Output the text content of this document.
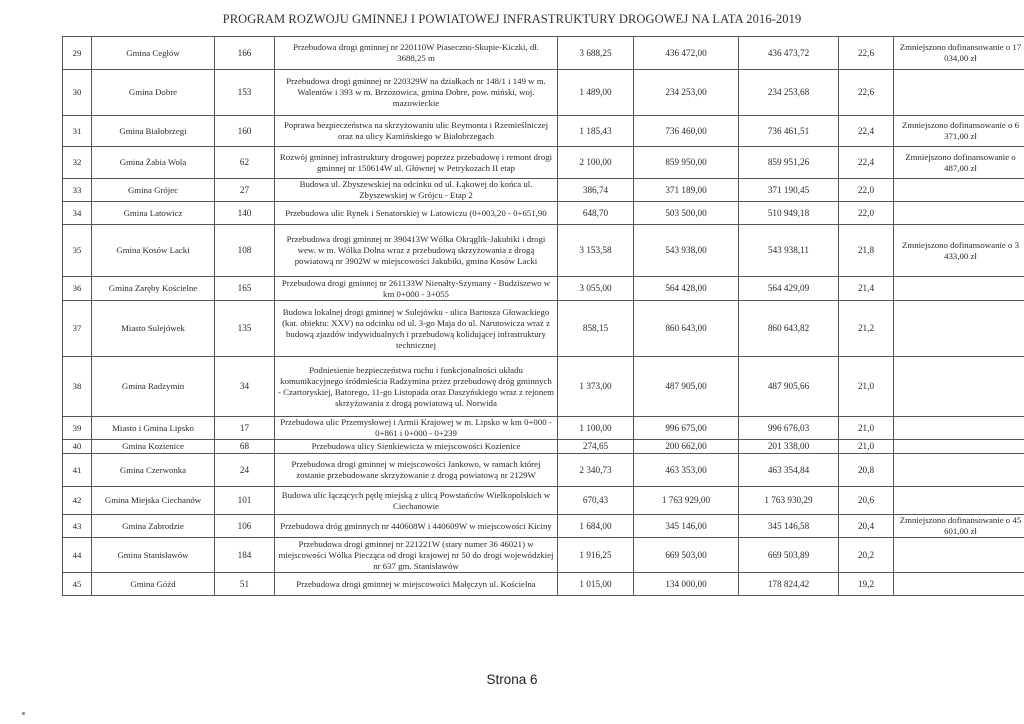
PROGRAM ROZWOJU GMINNEJ I POWIATOWEJ INFRASTRUKTURY DROGOWEJ NA LATA 2016-2019
29	Gmina Cegłów	166	Przebudowa drogi gminnej nr 220110W Piaseczno-Skupie-Kiczki, dł. 3688,25 m	3 688,25	436 472,00	436 473,72	22,6	Zmniejszono dofinansowanie o 17 034,00 zł
30	Gmina Dobre	153	Przebudowa drogi gminnej nr 220329W na działkach nr 148/1 i 149 w m. Walentów i 393 w m. Brzozowica, gmina Dobre, pow. miński, woj. mazowieckie	1 489,00	234 253,00	234 253,68	22,6	
31	Gmina Białobrzegi	160	Poprawa bezpieczeństwa na skrzyżowaniu ulic Reymonta i Rzemieślniczej oraz na ulicy Kamińskiego w Białobrzegach	1 185,43	736 460,00	736 461,51	22,4	Zmniejszono dofinansowanie o 6 371,00 zł
32	Gmina Żabia Wola	62	Rozwój gminnej infrastruktury drogowej poprzez przebudowę i remont drogi gminnej nr 150614W ul. Głównej w Petrykozach II etap	2 100,00	859 950,00	859 951,26	22,4	Zmniejszono dofinansowanie o 487,00 zł
33	Gmina Grójec	27	Budowa ul. Zbyszewskiej na odcinku od ul. Łąkowej do końca ul. Zbyszewskiej w Grójcu - Etap 2	386,74	371 189,00	371 190,45	22,0	
34	Gmina Latowicz	140	Przebudowa ulic Rynek i Senatorskiej w Latowiczu (0+003,20 - 0+651,90	648,70	503 500,00	510 949,18	22,0	
35	Gmina Kosów Lacki	108	Przebudowa drogi gminnej nr 390413W Wólka Okrąglik-Jakubiki i drogi wew. w m. Wólka Dolna wraz z przebudową skrzyżowania z drogą powiatową nr 3902W w miejscowości Jakubiki, gmina Kosów Lacki	3 153,58	543 938,00	543 938,11	21,8	Zmniejszono dofinansowanie o 3 433,00 zł
36	Gmina Zaręby Kościelne	165	Przebudowa drogi gminnej nr 261133W Nienałty-Szymany - Budziszewo w km 0+000 - 3+055	3 055,00	564 428,00	564 429,09	21,4	
37	Miasto Sulejówek	135	Budowa lokalnej drogi gminnej w Sulejówku - ulica Bartosza Głowackiego (kat. obiektu: XXV) na odcinku od ul. 3-go Maja do ul. Narutowicza wraz z budową zjazdów indywidualnych i przebudową kolidującej infrastruktury technicznej	858,15	860 643,00	860 643,82	21,2	
38	Gmina Radzymin	34	Podniesienie bezpieczeństwa ruchu i funkcjonalności układu komunikacyjnego śródmieścia Radzymina przez przebudowę dróg gminnych - Czartoryskiej, Batorego, 11-go Listopada oraz Daszyńskiego wraz z rejonem skrzyżowania z drogą powiatową ul. Norwida	1 373,00	487 905,00	487 905,66	21,0	
39	Miasto i Gmina Lipsko	17	Przebudowa ulic Przemysłowej i Armii Krajowej w m. Lipsko w km 0+000 - 0+861 i 0+000 - 0+239	1 100,00	996 675,00	996 676,03	21,0	
40	Gmina Kozienice	68	Przebudowa ulicy Sienkiewicza w miejscowości Kozienice	274,65	200 662,00	201 338,00	21,0	
41	Gmina Czerwonka	24	Przebudowa drogi gminnej w miejscowości Jankowo, w ramach której zostanie przebudowane skrzyżowanie z drogą powiatową nr 2129W	2 340,73	463 353,00	463 354,84	20,8	
42	Gmina Miejska Ciechanów	101	Budowa ulic łączących pętlę miejską z ulicą Powstańców Wielkopolskich w Ciechanowie	670,43	1 763 929,00	1 763 930,29	20,6	
43	Gmina Zabrodzie	106	Przebudowa dróg gminnych nr 440608W i 440609W w miejscowości Kiciny	1 684,00	345 146,00	345 146,58	20,4	Zmniejszono dofinansowanie o 45 601,00 zł
44	Gmina Stanisławów	184	Przebudowa drogi gminnej nr 221221W (stary numer 36 46021) w miejscowości Wólka Piecząca od drogi krajowej nr 50 do drogi wojewódzkiej nr 637 gm. Stanisławów	1 916,25	669 503,00	669 503,89	20,2	
45	Gmina Góźd	51	Przebudowa drogi gminnej w miejscowości Małęczyn ul. Kościelna	1 015,00	134 000,00	178 824,42	19,2	
Strona 6
